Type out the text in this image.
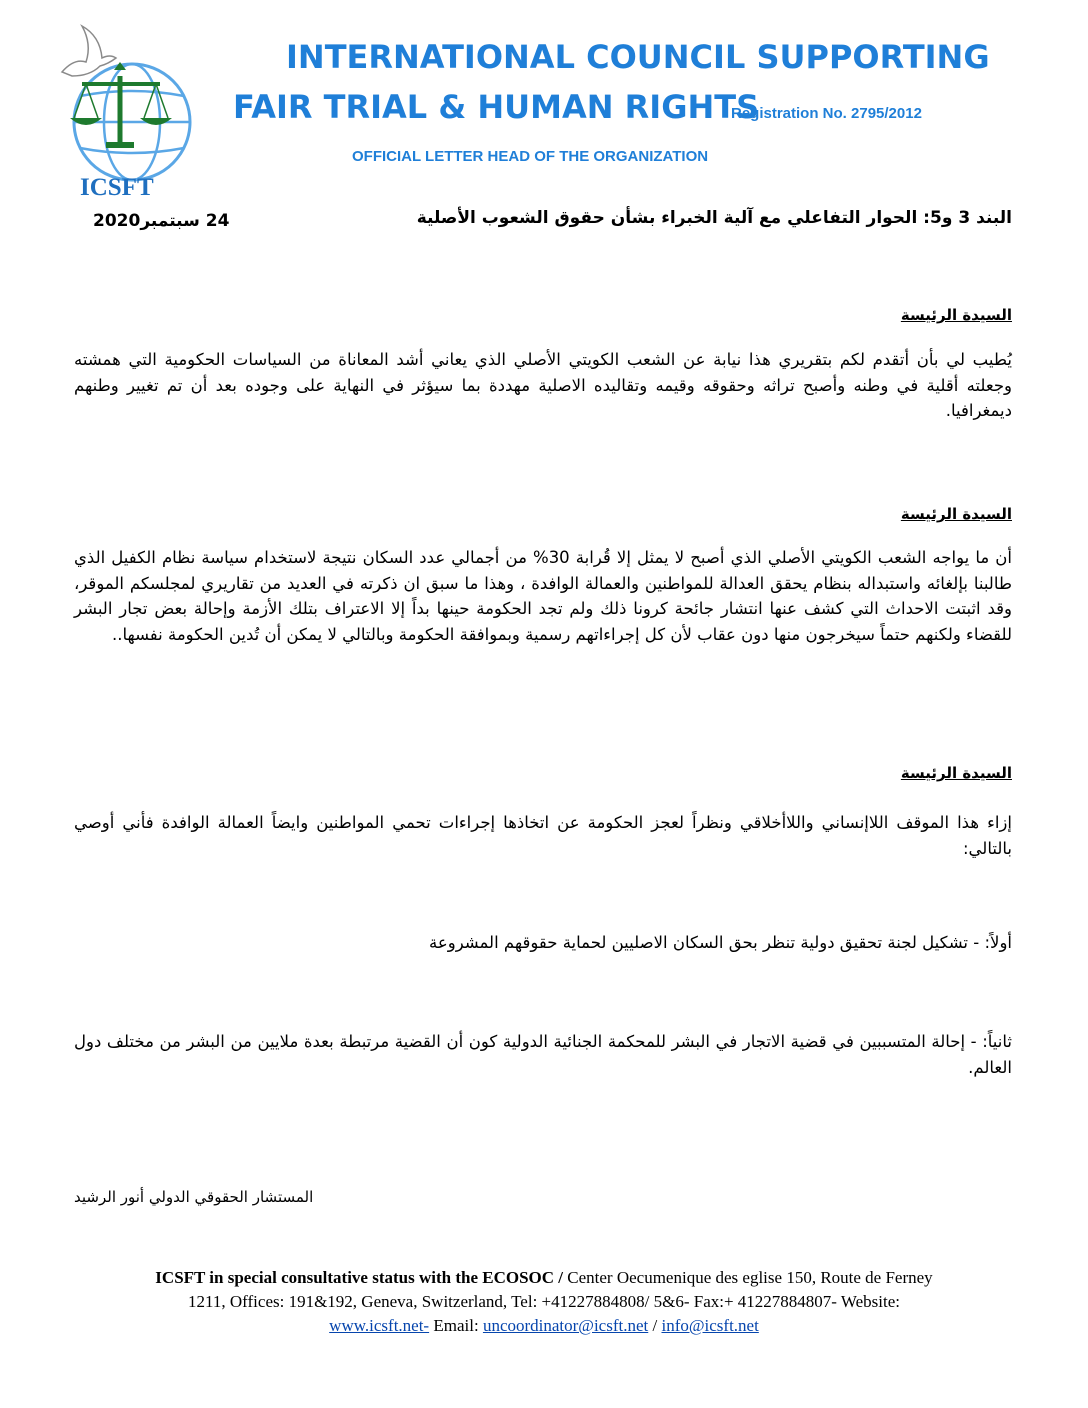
ICSFT
INTERNATIONAL COUNCIL SUPPORTING
FAIR TRIAL & HUMAN RIGHTS
Registration No. 2795/2012
OFFICIAL LETTER HEAD OF THE ORGANIZATION
البند 3 و5: الحوار التفاعلي مع آلية الخبراء بشأن حقوق الشعوب الأصلية
24 سبتمبر2020
السيدة الرئيسة
يُطيب لي بأن أتقدم لكم بتقريري هذا نيابة عن الشعب الكويتي الأصلي الذي يعاني أشد المعاناة من السياسات الحكومية التي همشته وجعلته أقلية في وطنه وأصبح تراثه وحقوقه وقيمه وتقاليده الاصلية مهددة بما سيؤثر في النهاية على وجوده بعد أن تم تغيير وطنهم ديمغرافيا.
السيدة الرئيسة
أن ما يواجه الشعب الكويتي الأصلي الذي أصبح لا يمثل إلا قُرابة 30% من أجمالي عدد السكان نتيجة لاستخدام سياسة نظام الكفيل الذي طالبنا بإلغائه واستبداله بنظام يحقق العدالة للمواطنين والعمالة الوافدة ، وهذا ما سبق ان ذكرته في العديد من تقاريري لمجلسكم الموقر، وقد اثبتت الاحداث التي كشف عنها انتشار جائحة كرونا ذلك ولم تجد الحكومة حينها بداً إلا الاعتراف بتلك الأزمة وإحالة بعض تجار البشر للقضاء ولكنهم حتماً سيخرجون منها دون عقاب لأن كل إجراءاتهم رسمية وبموافقة الحكومة وبالتالي لا يمكن أن تُدين الحكومة نفسها..
السيدة الرئيسة
إزاء هذا الموقف اللاإنساني واللاأخلاقي ونظراً لعجز الحكومة عن اتخاذها إجراءات تحمي المواطنين وايضاً العمالة الوافدة فأني أوصي بالتالي:
أولاً: - تشكيل لجنة تحقيق دولية تنظر بحق السكان الاصليين لحماية حقوقهم المشروعة
ثانياً: - إحالة المتسببين في قضية الاتجار في البشر للمحكمة الجنائية الدولية كون أن القضية مرتبطة بعدة ملايين من البشر من مختلف دول العالم.
المستشار الحقوقي الدولي أنور الرشيد
ICSFT in special consultative status with the ECOSOC / Center Oecumenique des eglise 150, Route de Ferney
1211, Offices: 191&192, Geneva, Switzerland, Tel: +41227884808/ 5&6- Fax:+ 41227884807- Website:
www.icsft.net- Email: uncoordinator@icsft.net / info@icsft.net
